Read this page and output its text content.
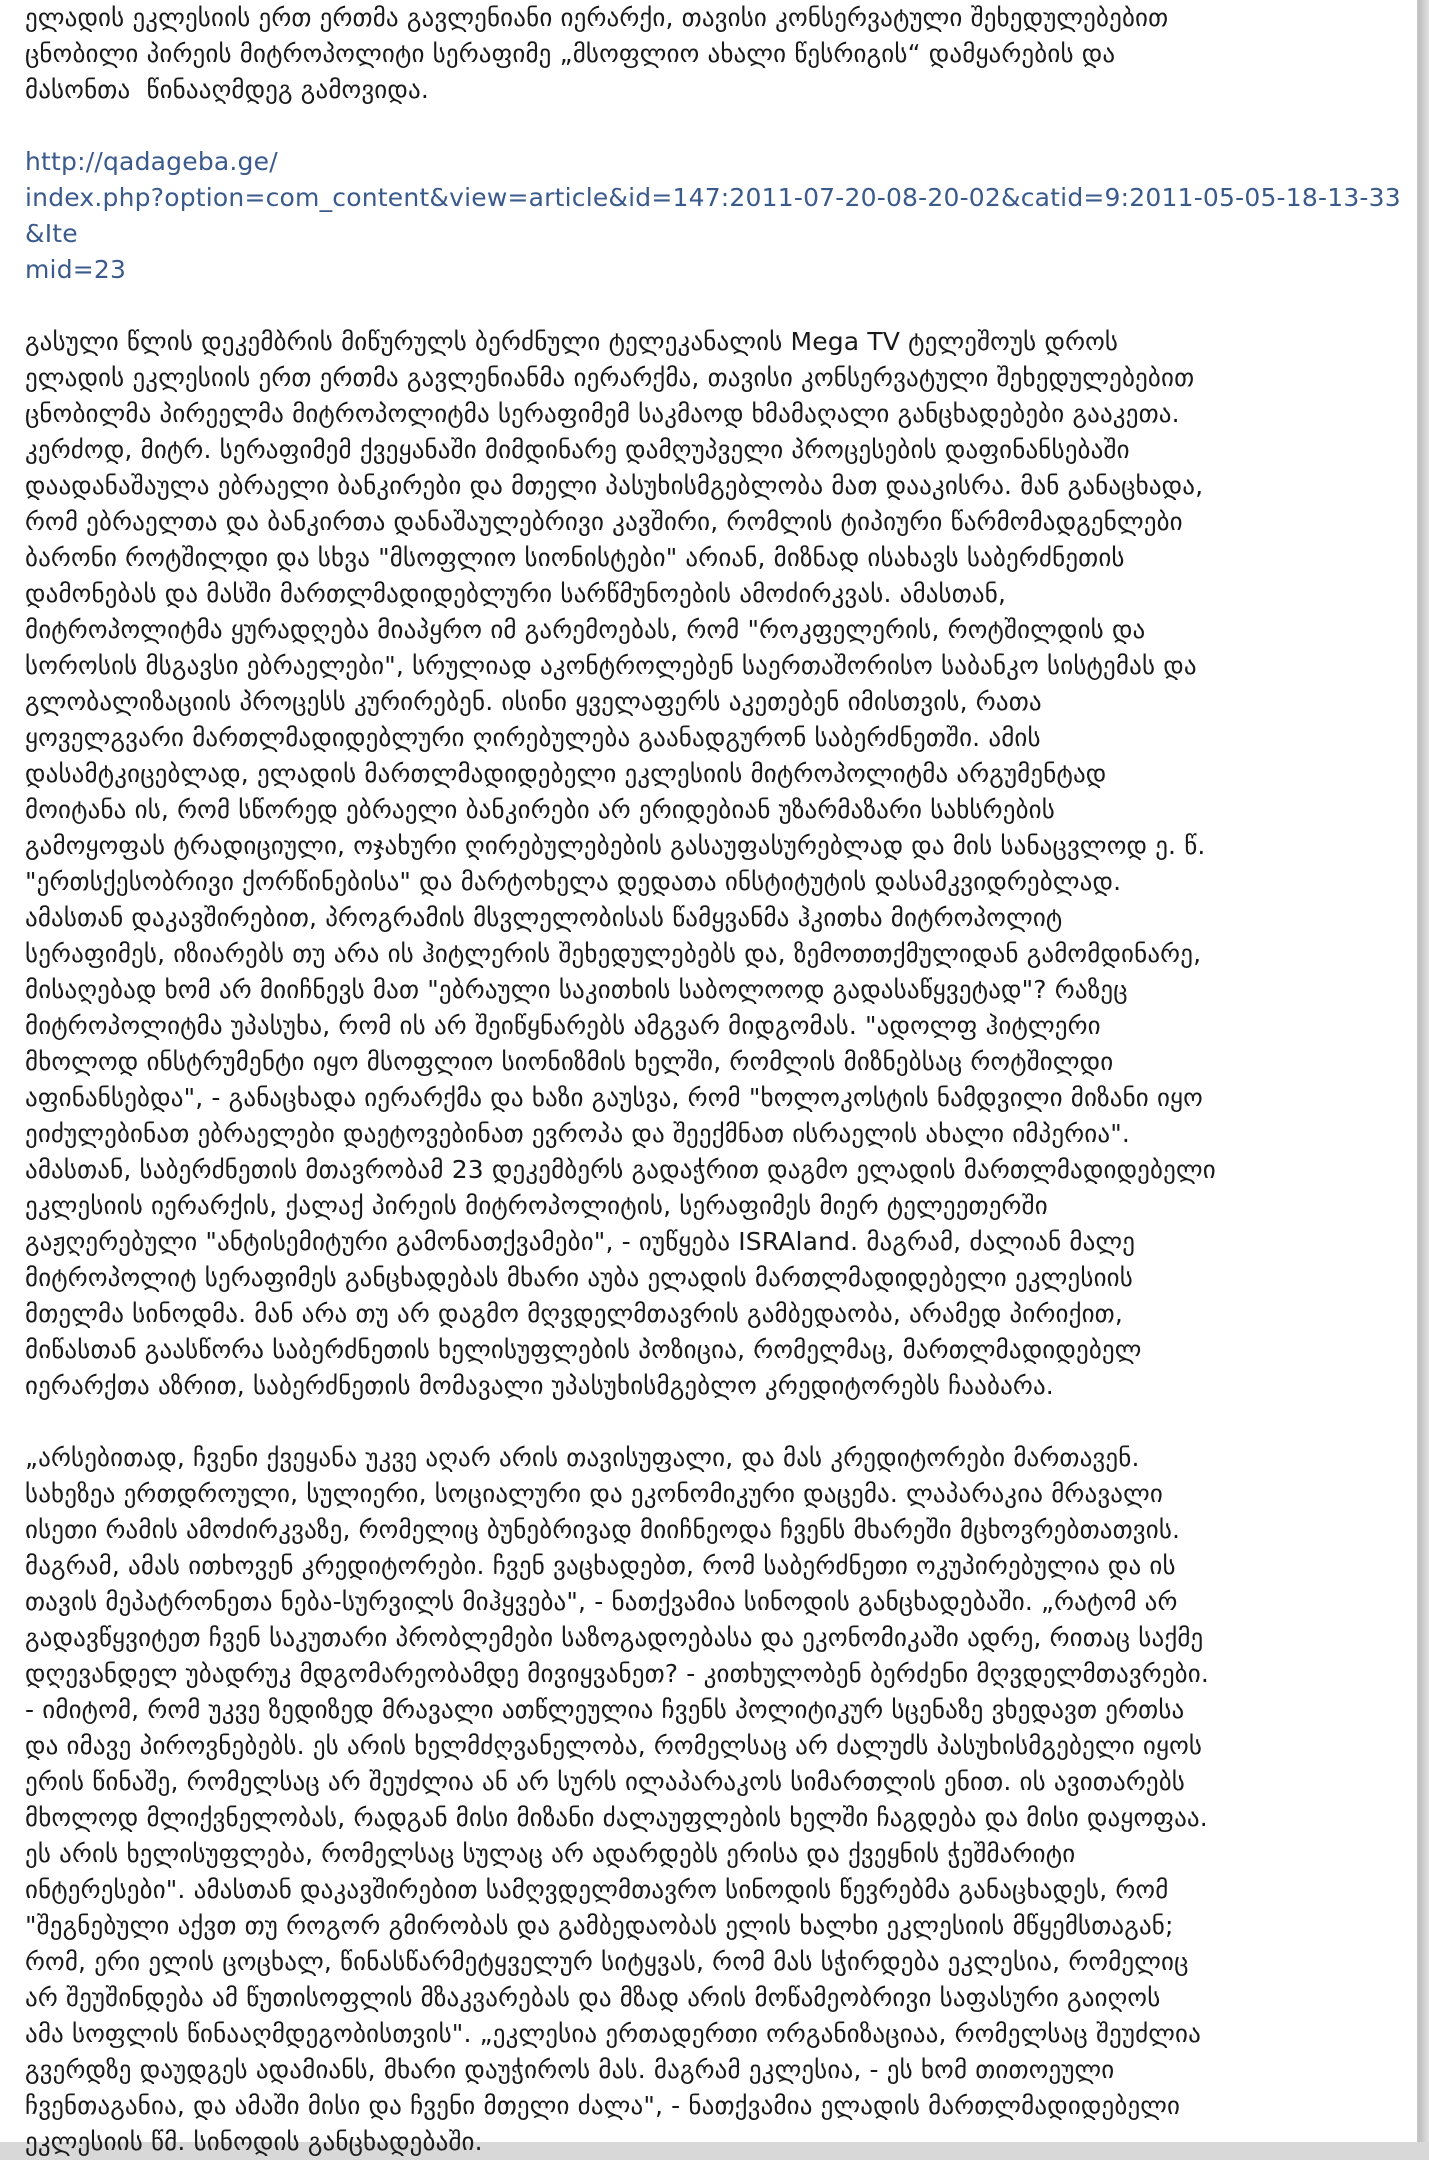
ელადის ეკლესიის ერთ ერთმა გავლენიანი იერარქი, თავისი კონსერვატული შეხედულებებით
ცნობილი პირეის მიტროპოლიტი სერაფიმე „მსოფლიო ახალი წესრიგის“ დამყარების და
მასონთა  წინააღმდეგ გამოვიდა.

http://qadageba.ge/
index.php?option=com_content&view=article&id=147:2011-07-20-08-20-02&catid=9:2011-05-05-18-13-33&Ite
mid=23

გასული წლის დეკემბრის მიწურულს ბერძნული ტელეკანალის Mega TV ტელეშოუს დროს
ელადის ეკლესიის ერთ ერთმა გავლენიანმა იერარქმა, თავისი კონსერვატული შეხედულებებით
ცნობილმა პირეელმა მიტროპოლიტმა სერაფიმემ საკმაოდ ხმამაღალი განცხადებები გააკეთა.
კერძოდ, მიტრ. სერაფიმემ ქვეყანაში მიმდინარე დამღუპველი პროცესების დაფინანსებაში
დაადანაშაულა ებრაელი ბანკირები და მთელი პასუხისმგებლობა მათ დააკისრა. მან განაცხადა,
რომ ებრაელთა და ბანკირთა დანაშაულებრივი კავშირი, რომლის ტიპიური წარმომადგენლები
ბარონი როტშილდი და სხვა "მსოფლიო სიონისტები" არიან, მიზნად ისახავს საბერძნეთის
დამონებას და მასში მართლმადიდებლური სარწმუნოების ამოძირკვას. ამასთან,
მიტროპოლიტმა ყურადღება მიაპყრო იმ გარემოებას, რომ "როკფელერის, როტშილდის და
სოროსის მსგავსი ებრაელები", სრულიად აკონტროლებენ საერთაშორისო საბანკო სისტემას და
გლობალიზაციის პროცესს კურირებენ. ისინი ყველაფერს აკეთებენ იმისთვის, რათა
ყოველგვარი მართლმადიდებლური ღირებულება გაანადგურონ საბერძნეთში. ამის
დასამტკიცებლად, ელადის მართლმადიდებელი ეკლესიის მიტროპოლიტმა არგუმენტად
მოიტანა ის, რომ სწორედ ებრაელი ბანკირები არ ერიდებიან უზარმაზარი სახსრების
გამოყოფას ტრადიციული, ოჯახური ღირებულებების გასაუფასურებლად და მის სანაცვლოდ ე. წ.
"ერთსქესობრივი ქორწინებისა" და მარტოხელა დედათა ინსტიტუტის დასამკვიდრებლად.
ამასთან დაკავშირებით, პროგრამის მსვლელობისას წამყვანმა ჰკითხა მიტროპოლიტ
სერაფიმეს, იზიარებს თუ არა ის ჰიტლერის შეხედულებებს და, ზემოთთქმულიდან გამომდინარე,
მისაღებად ხომ არ მიიჩნევს მათ "ებრაული საკითხის საბოლოოდ გადასაწყვეტად"? რაზეც
მიტროპოლიტმა უპასუხა, რომ ის არ შეიწყნარებს ამგვარ მიდგომას. "ადოლფ ჰიტლერი
მხოლოდ ინსტრუმენტი იყო მსოფლიო სიონიზმის ხელში, რომლის მიზნებსაც როტშილდი
აფინანსებდა", - განაცხადა იერარქმა და ხაზი გაუსვა, რომ "ხოლოკოსტის ნამდვილი მიზანი იყო
ეიძულებინათ ებრაელები დაეტოვებინათ ევროპა და შეექმნათ ისრაელის ახალი იმპერია".
ამასთან, საბერძნეთის მთავრობამ 23 დეკემბერს გადაჭრით დაგმო ელადის მართლმადიდებელი
ეკლესიის იერარქის, ქალაქ პირეის მიტროპოლიტის, სერაფიმეს მიერ ტელეეთერში
გაჟღერებული "ანტისემიტური გამონათქვამები", - იუწყება ISRAland. მაგრამ, ძალიან მალე
მიტროპოლიტ სერაფიმეს განცხადებას მხარი აუბა ელადის მართლმადიდებელი ეკლესიის
მთელმა სინოდმა. მან არა თუ არ დაგმო მღვდელმთავრის გამბედაობა, არამედ პირიქით,
მიწასთან გაასწორა საბერძნეთის ხელისუფლების პოზიცია, რომელმაც, მართლმადიდებელ
იერარქთა აზრით, საბერძნეთის მომავალი უპასუხისმგებლო კრედიტორებს ჩააბარა.

„არსებითად, ჩვენი ქვეყანა უკვე აღარ არის თავისუფალი, და მას კრედიტორები მართავენ.
სახეზეა ერთდროული, სულიერი, სოციალური და ეკონომიკური დაცემა. ლაპარაკია მრავალი
ისეთი რამის ამოძირკვაზე, რომელიც ბუნებრივად მიიჩნეოდა ჩვენს მხარეში მცხოვრებთათვის.
მაგრამ, ამას ითხოვენ კრედიტორები. ჩვენ ვაცხადებთ, რომ საბერძნეთი ოკუპირებულია და ის
თავის მეპატრონეთა ნება-სურვილს მიჰყვება", - ნათქვამია სინოდის განცხადებაში. „რატომ არ
გადავწყვიტეთ ჩვენ საკუთარი პრობლემები საზოგადოებასა და ეკონომიკაში ადრე, რითაც საქმე
დღევანდელ უბადრუკ მდგომარეობამდე მივიყვანეთ? - კითხულობენ ბერძენი მღვდელმთავრები.
- იმიტომ, რომ უკვე ზედიზედ მრავალი ათწლეულია ჩვენს პოლიტიკურ სცენაზე ვხედავთ ერთსა
და იმავე პიროვნებებს. ეს არის ხელმძღვანელობა, რომელსაც არ ძალუძს პასუხისმგებელი იყოს
ერის წინაშე, რომელსაც არ შეუძლია ან არ სურს ილაპარაკოს სიმართლის ენით. ის ავითარებს
მხოლოდ მლიქვნელობას, რადგან მისი მიზანი ძალაუფლების ხელში ჩაგდება და მისი დაყოფაა.
ეს არის ხელისუფლება, რომელსაც სულაც არ ადარდებს ერისა და ქვეყნის ჭეშმარიტი
ინტერესები". ამასთან დაკავშირებით სამღვდელმთავრო სინოდის წევრებმა განაცხადეს, რომ
"შეგნებული აქვთ თუ როგორ გმირობას და გამბედაობას ელის ხალხი ეკლესიის მწყემსთაგან;
რომ, ერი ელის ცოცხალ, წინასწარმეტყველურ სიტყვას, რომ მას სჭირდება ეკლესია, რომელიც
არ შეუშინდება ამ წუთისოფლის მზაკვარებას და მზად არის მოწამეობრივი საფასური გაიღოს
ამა სოფლის წინააღმდეგობისთვის". „ეკლესია ერთადერთი ორგანიზაციაა, რომელსაც შეუძლია
გვერდზე დაუდგეს ადამიანს, მხარი დაუჭიროს მას. მაგრამ ეკლესია, - ეს ხომ თითოეული
ჩვენთაგანია, და ამაში მისი და ჩვენი მთელი ძალა", - ნათქვამია ელადის მართლმადიდებელი
ეკლესიის წმ. სინოდის განცხადებაში.
